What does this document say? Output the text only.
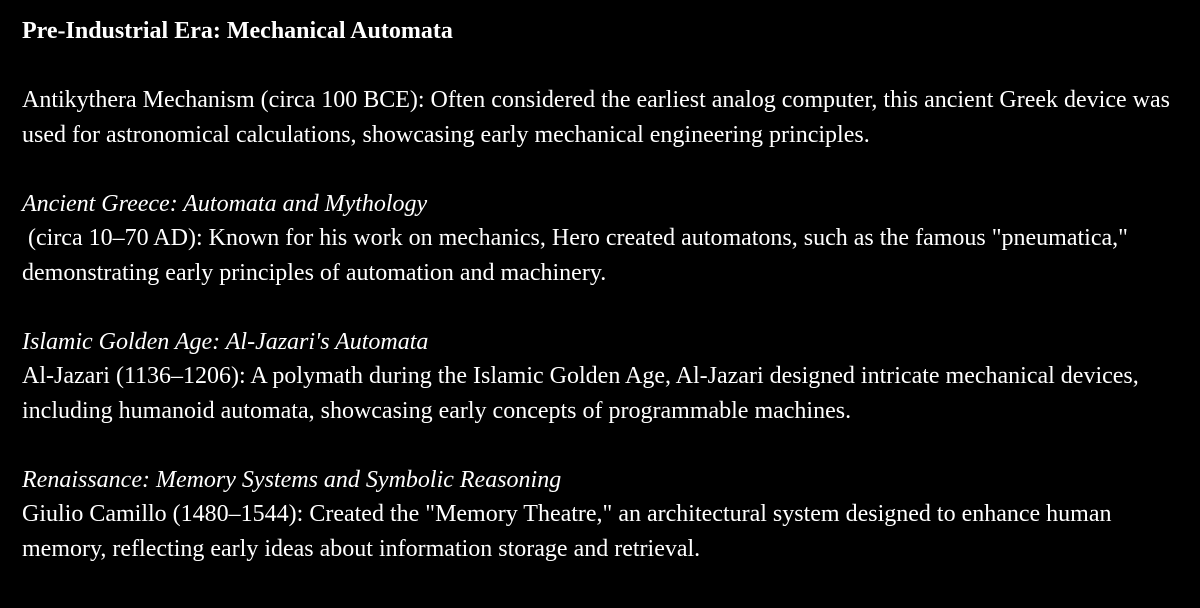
Pre-Industrial Era: Mechanical Automata

Antikythera Mechanism (circa 100 BCE): Often considered the earliest analog computer, this ancient Greek device was used for astronomical calculations, showcasing early mechanical engineering principles.

Ancient Greece: Automata and Mythology
(circa 10–70 AD): Known for his work on mechanics, Hero created automatons, such as the famous "pneumatica," demonstrating early principles of automation and machinery.
Islamic Golden Age: Al-Jazari's Automata
Al-Jazari (1136–1206): A polymath during the Islamic Golden Age, Al-Jazari designed intricate mechanical devices, including humanoid automata, showcasing early concepts of programmable machines.
Renaissance: Memory Systems and Symbolic Reasoning
Giulio Camillo (1480–1544): Created the "Memory Theatre," an architectural system designed to enhance human memory, reflecting early ideas about information storage and retrieval.
